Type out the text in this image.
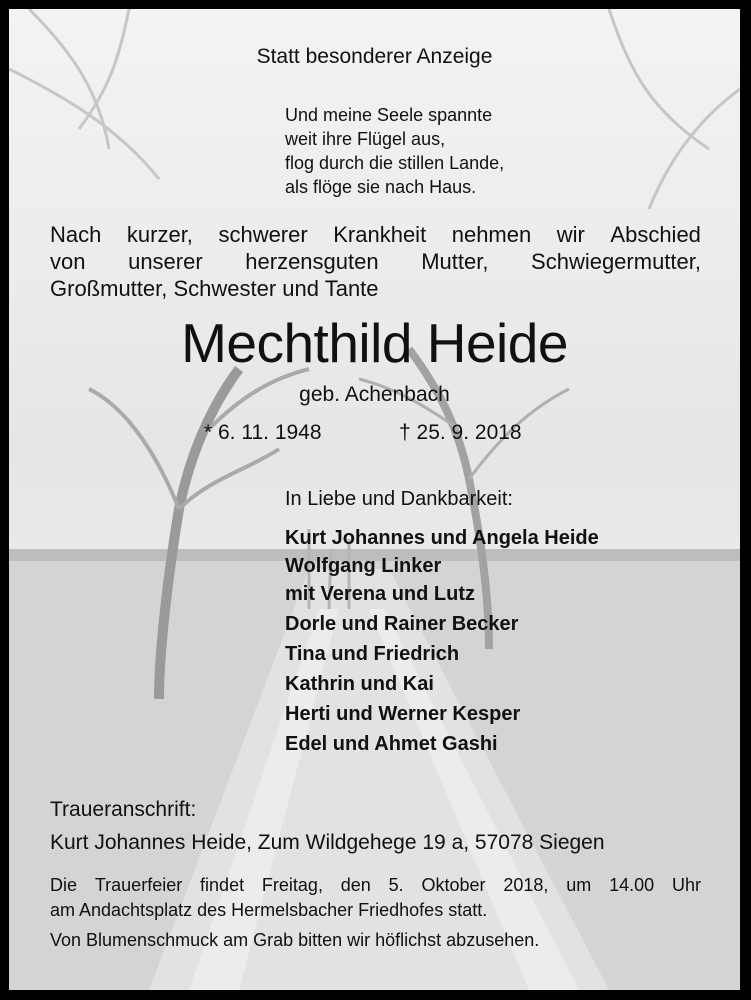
Statt besonderer Anzeige
Und meine Seele spannte
weit ihre Flügel aus,
flog durch die stillen Lande,
als flöge sie nach Haus.
Nach kurzer, schwerer Krankheit nehmen wir Abschied
von unserer herzensguten Mutter, Schwiegermutter,
Großmutter, Schwester und Tante
Mechthild Heide
geb. Achenbach
* 6. 11. 1948	† 25. 9. 2018
In Liebe und Dankbarkeit:
Kurt Johannes und Angela Heide
Wolfgang Linker
mit Verena und Lutz
Dorle und Rainer Becker
Tina und Friedrich
Kathrin und Kai
Herti und Werner Kesper
Edel und Ahmet Gashi
Traueranschrift:
Kurt Johannes Heide, Zum Wildgehege 19 a, 57078 Siegen
Die Trauerfeier findet Freitag, den 5. Oktober 2018, um 14.00 Uhr
am Andachtsplatz des Hermelsbacher Friedhofes statt.
Von Blumenschmuck am Grab bitten wir höflichst abzusehen.
